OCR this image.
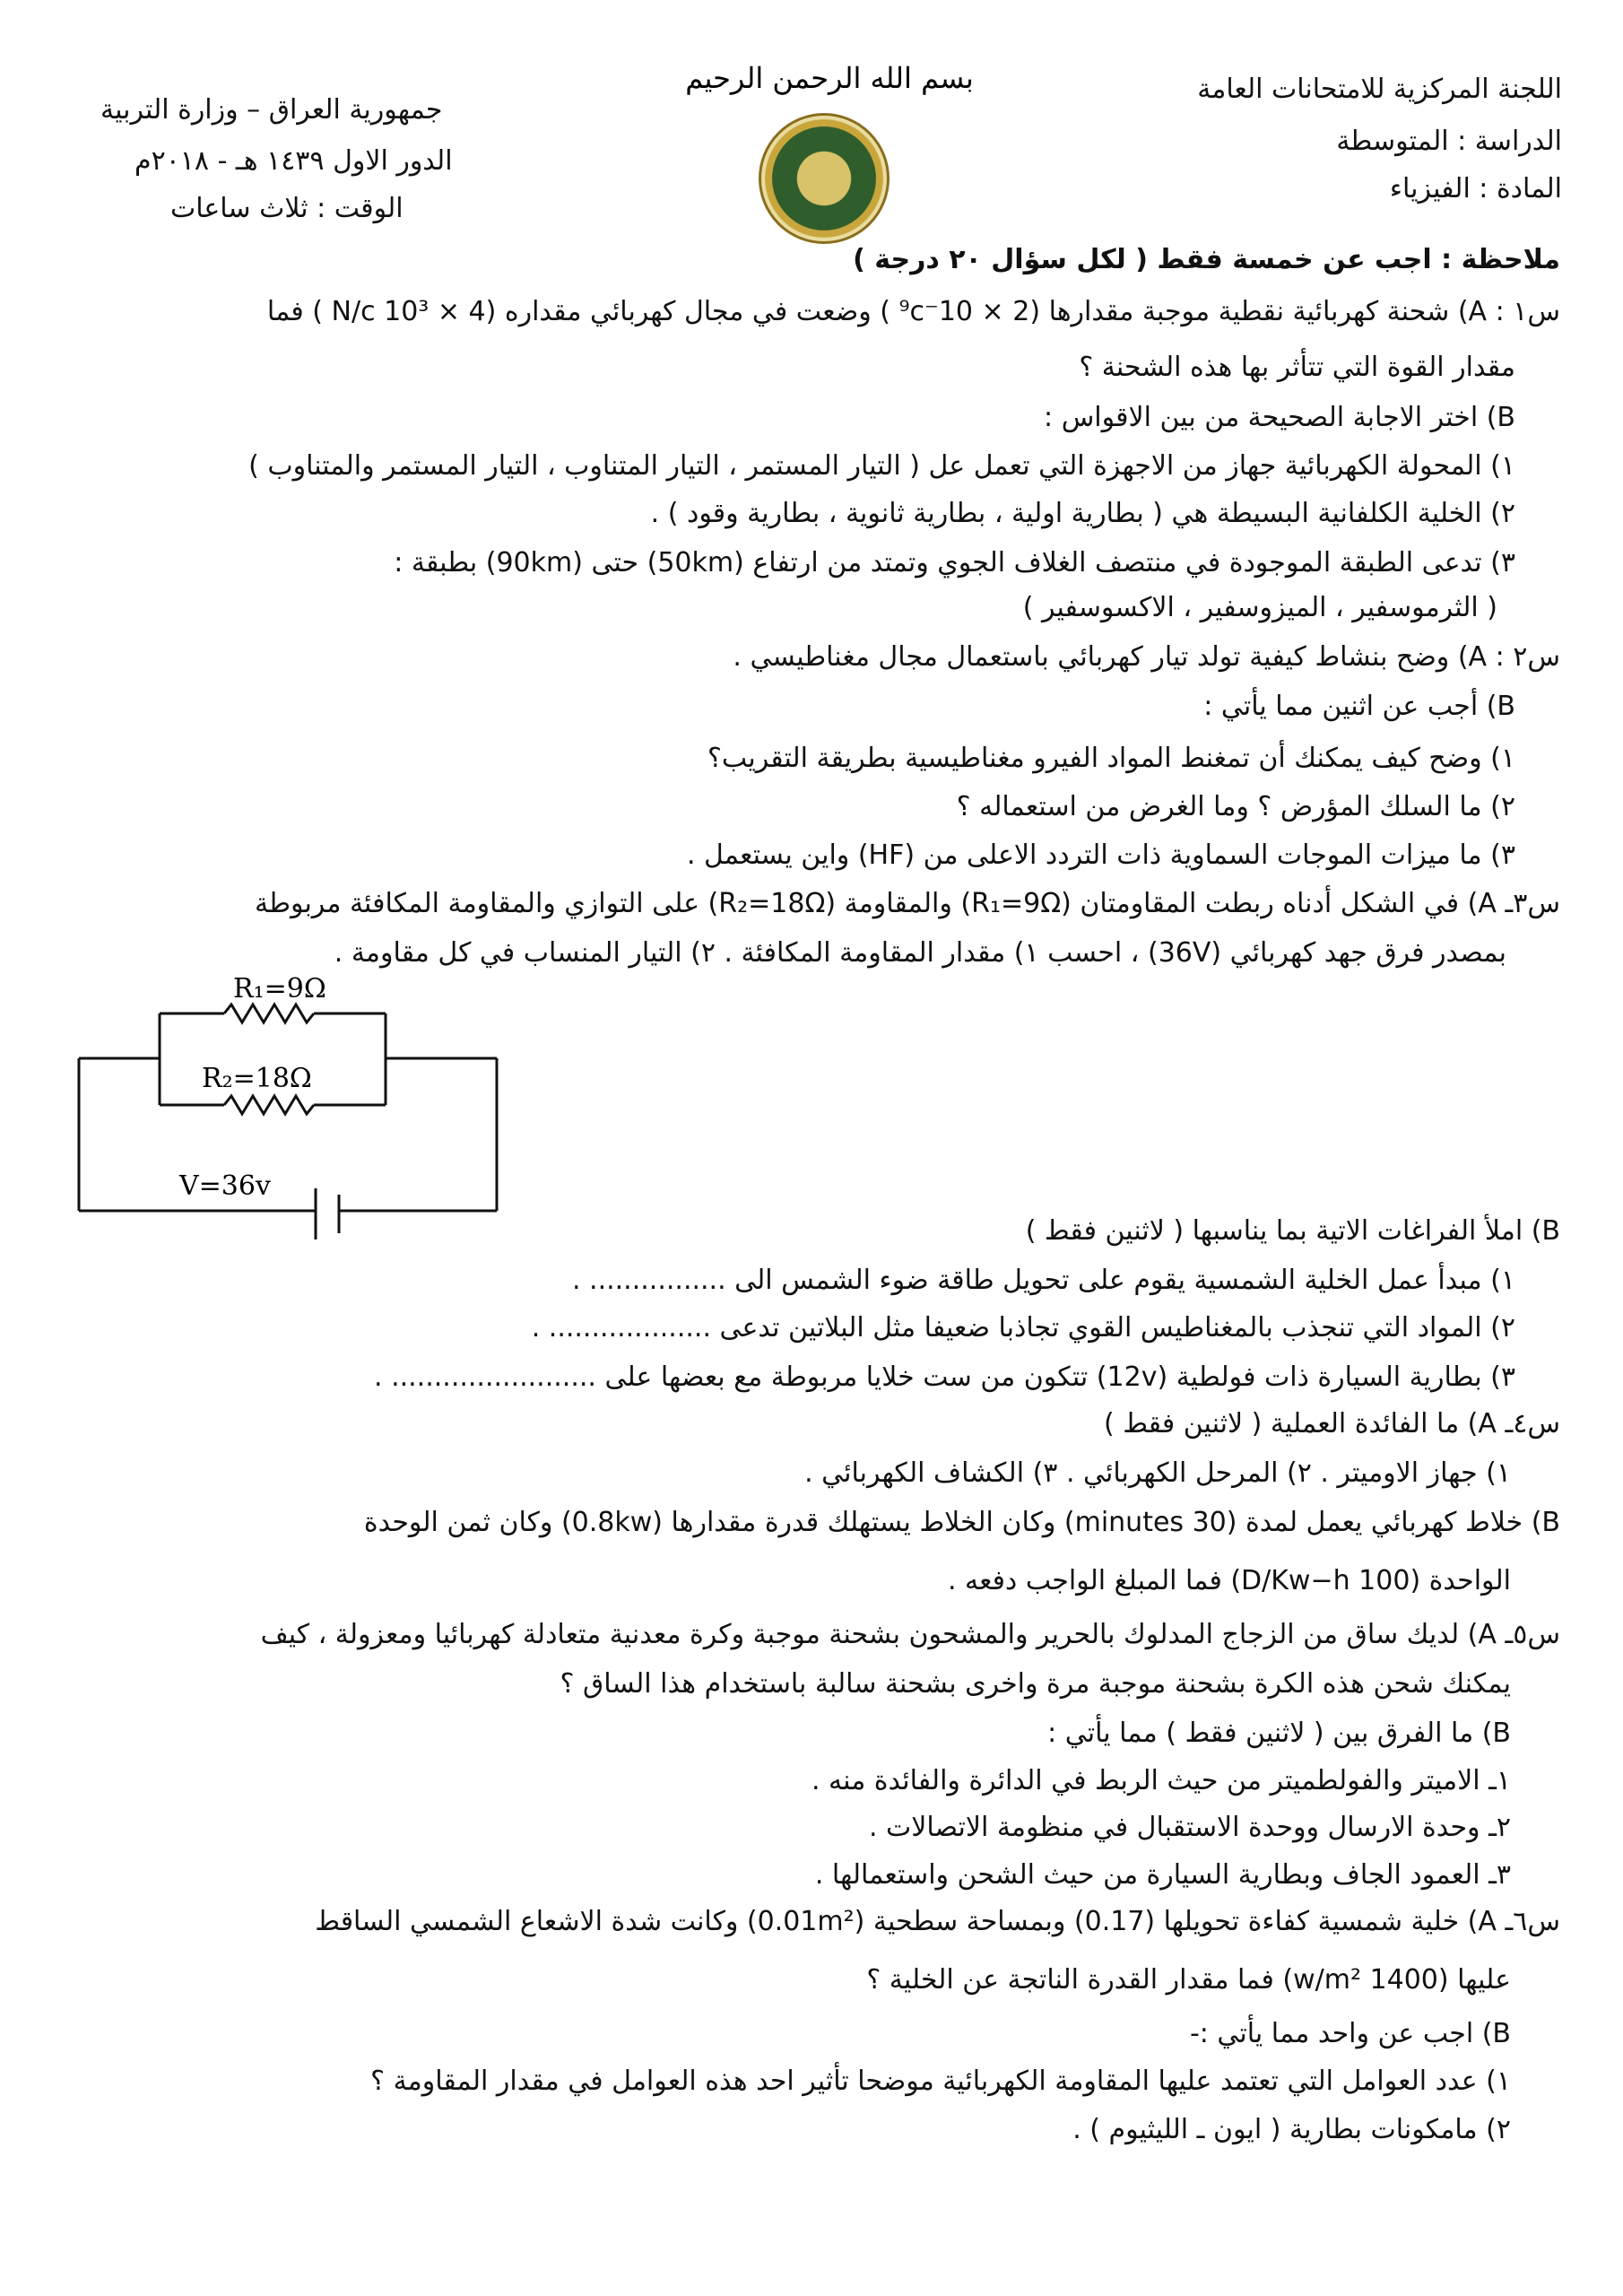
بسم الله الرحمن الرحيم	اللجنة المركزية للامتحانات العامة
الدراسة : المتوسطة
المادة : الفيزياء
جمهورية العراق – وزارة التربية
الدور الاول ١٤٣٩ هـ - ٢٠١٨م
الوقت : ثلاث ساعات
ملاحظة : اجب عن خمسة فقط ( لكل سؤال ٢٠ درجة )
س١ : A) شحنة كهربائية نقطية موجبة مقدارها (2 × 10⁻⁹c ) وضعت في مجال كهربائي مقداره (4 × 10³ N/c ) فما
مقدار القوة التي تتأثر بها هذه الشحنة ؟
B) اختر الاجابة الصحيحة من بين الاقواس :
١) المحولة الكهربائية جهاز من الاجهزة التي تعمل عل ( التيار المستمر ، التيار المتناوب ، التيار المستمر والمتناوب )
٢) الخلية الكلفانية البسيطة هي ( بطارية اولية ، بطارية ثانوية ، بطارية وقود ) .
٣) تدعى الطبقة الموجودة في منتصف الغلاف الجوي وتمتد من ارتفاع (50km) حتى (90km) بطبقة :
( الثرموسفير ، الميزوسفير ، الاكسوسفير )
س٢ : A) وضح بنشاط كيفية تولد تيار كهربائي باستعمال مجال مغناطيسي .
B) أجب عن اثنين مما يأتي :
١) وضح كيف يمكنك أن تمغنط المواد الفيرو مغناطيسية بطريقة التقريب؟
٢) ما السلك المؤرض ؟ وما الغرض من استعماله ؟
٣) ما ميزات الموجات السماوية ذات التردد الاعلى من (HF) واين يستعمل .
س٣ـ A) في الشكل أدناه ربطت المقاومتان (R₁=9Ω) والمقاومة (R₂=18Ω) على التوازي والمقاومة المكافئة مربوطة
بمصدر فرق جهد كهربائي (36V) ، احسب ١) مقدار المقاومة المكافئة . ٢) التيار المنساب في كل مقاومة .
R₁=9Ω
R₂=18Ω
V=36v
B) املأ الفراغات الاتية بما يناسبها ( لاثنين فقط )
١) مبدأ عمل الخلية الشمسية يقوم على تحويل طاقة ضوء الشمس الى ................ .
٢) المواد التي تنجذب بالمغناطيس القوي تجاذبا ضعيفا مثل البلاتين تدعى ................... .
٣) بطارية السيارة ذات فولطية (12v) تتكون من ست خلايا مربوطة مع بعضها على ........................ .
س٤ـ A) ما الفائدة العملية ( لاثنين فقط )
١) جهاز الاوميتر . ٢) المرحل الكهربائي . ٣) الكشاف الكهربائي .
B) خلاط كهربائي يعمل لمدة (30 minutes) وكان الخلاط يستهلك قدرة مقدارها (0.8kw) وكان ثمن الوحدة
الواحدة (100 D/Kw−h) فما المبلغ الواجب دفعه .
س٥ـ A) لديك ساق من الزجاج المدلوك بالحرير والمشحون بشحنة موجبة وكرة معدنية متعادلة كهربائيا ومعزولة ، كيف
يمكنك شحن هذه الكرة بشحنة موجبة مرة واخرى بشحنة سالبة باستخدام هذا الساق ؟
B) ما الفرق بين ( لاثنين فقط ) مما يأتي :
١ـ الاميتر والفولطميتر من حيث الربط في الدائرة والفائدة منه .
٢ـ وحدة الارسال ووحدة الاستقبال في منظومة الاتصالات .
٣ـ العمود الجاف وبطارية السيارة من حيث الشحن واستعمالها .
س٦ـ A) خلية شمسية كفاءة تحويلها (0.17) وبمساحة سطحية (0.01m²) وكانت شدة الاشعاع الشمسي الساقط
عليها (1400 w/m²) فما مقدار القدرة الناتجة عن الخلية ؟
B) اجب عن واحد مما يأتي :-
١) عدد العوامل التي تعتمد عليها المقاومة الكهربائية موضحا تأثير احد هذه العوامل في مقدار المقاومة ؟
٢) مامكونات بطارية ( ايون ـ الليثيوم ) .
